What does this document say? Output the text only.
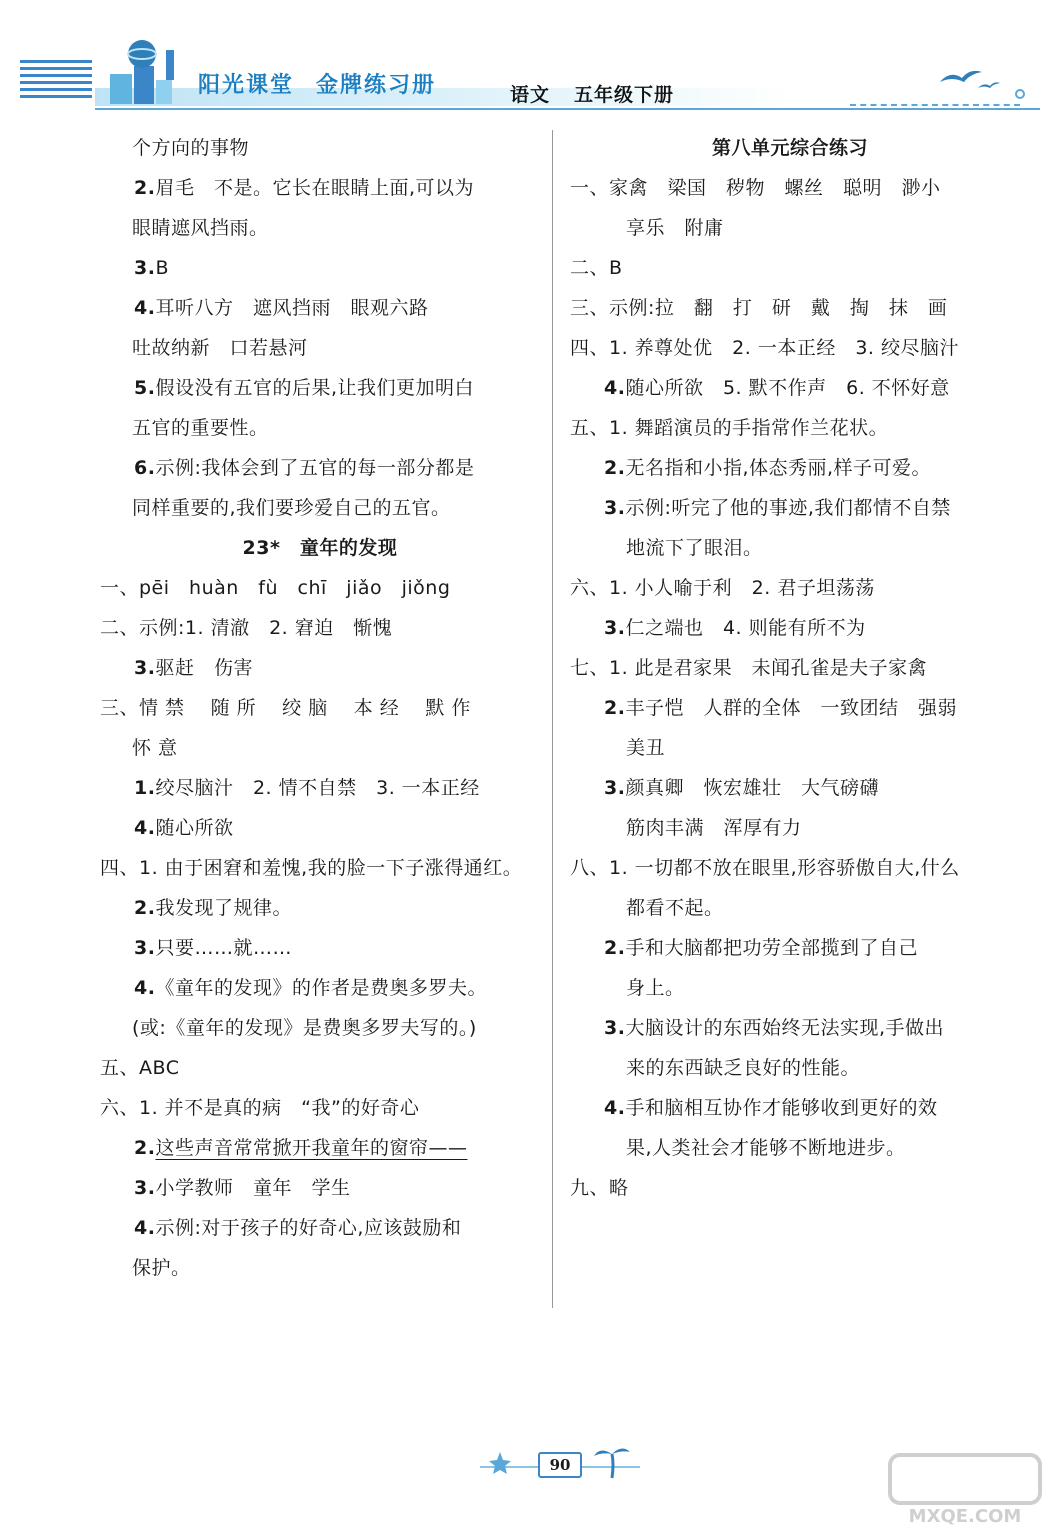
阳光课堂 金牌练习册	语文 五年级下册
个方向的事物
2.眉毛　不是。它长在眼睛上面,可以为
眼睛遮风挡雨。
3.B
4.耳听八方　遮风挡雨　眼观六路
吐故纳新　口若悬河
5.假设没有五官的后果,让我们更加明白
五官的重要性。
6.示例:我体会到了五官的每一部分都是
同样重要的,我们要珍爱自己的五官。
23*　童年的发现
一、pēi　huàn　fù　chī　jiǎo　jiǒng
二、示例:1. 清澈　2. 窘迫　惭愧
3.驱赶　伤害
三、情 禁　 随 所　 绞 脑　 本 经　 默 作
怀 意
1.绞尽脑汁　2. 情不自禁　3. 一本正经
4.随心所欲
四、1. 由于困窘和羞愧,我的脸一下子涨得通红。
2.我发现了规律。
3.只要……就……
4.《童年的发现》的作者是费奥多罗夫。
(或:《童年的发现》是费奥多罗夫写的。)
五、ABC
六、1. 并不是真的病　“我”的好奇心
2.这些声音常常掀开我童年的窗帘——
3.小学教师　童年　学生
4.示例:对于孩子的好奇心,应该鼓励和
保护。
第八单元综合练习
一、家禽　梁国　秽物　螺丝　聪明　渺小
享乐　附庸
二、B
三、示例:拉　翻　打　研　戴　掏　抹　画
四、1. 养尊处优　2. 一本正经　3. 绞尽脑汁
4.随心所欲　5. 默不作声　6. 不怀好意
五、1. 舞蹈演员的手指常作兰花状。
2.无名指和小指,体态秀丽,样子可爱。
3.示例:听完了他的事迹,我们都情不自禁
地流下了眼泪。
六、1. 小人喻于利　2. 君子坦荡荡
3.仁之端也　4. 则能有所不为
七、1. 此是君家果　未闻孔雀是夫子家禽
2.丰子恺　人群的全体　一致团结　强弱
美丑
3.颜真卿　恢宏雄壮　大气磅礴
筋肉丰满　浑厚有力
八、1. 一切都不放在眼里,形容骄傲自大,什么
都看不起。
2.手和大脑都把功劳全部揽到了自己
身上。
3.大脑设计的东西始终无法实现,手做出
来的东西缺乏良好的性能。
4.手和脑相互协作才能够收到更好的效
果,人类社会才能够不断地进步。
九、略
90
MXQE.COM
